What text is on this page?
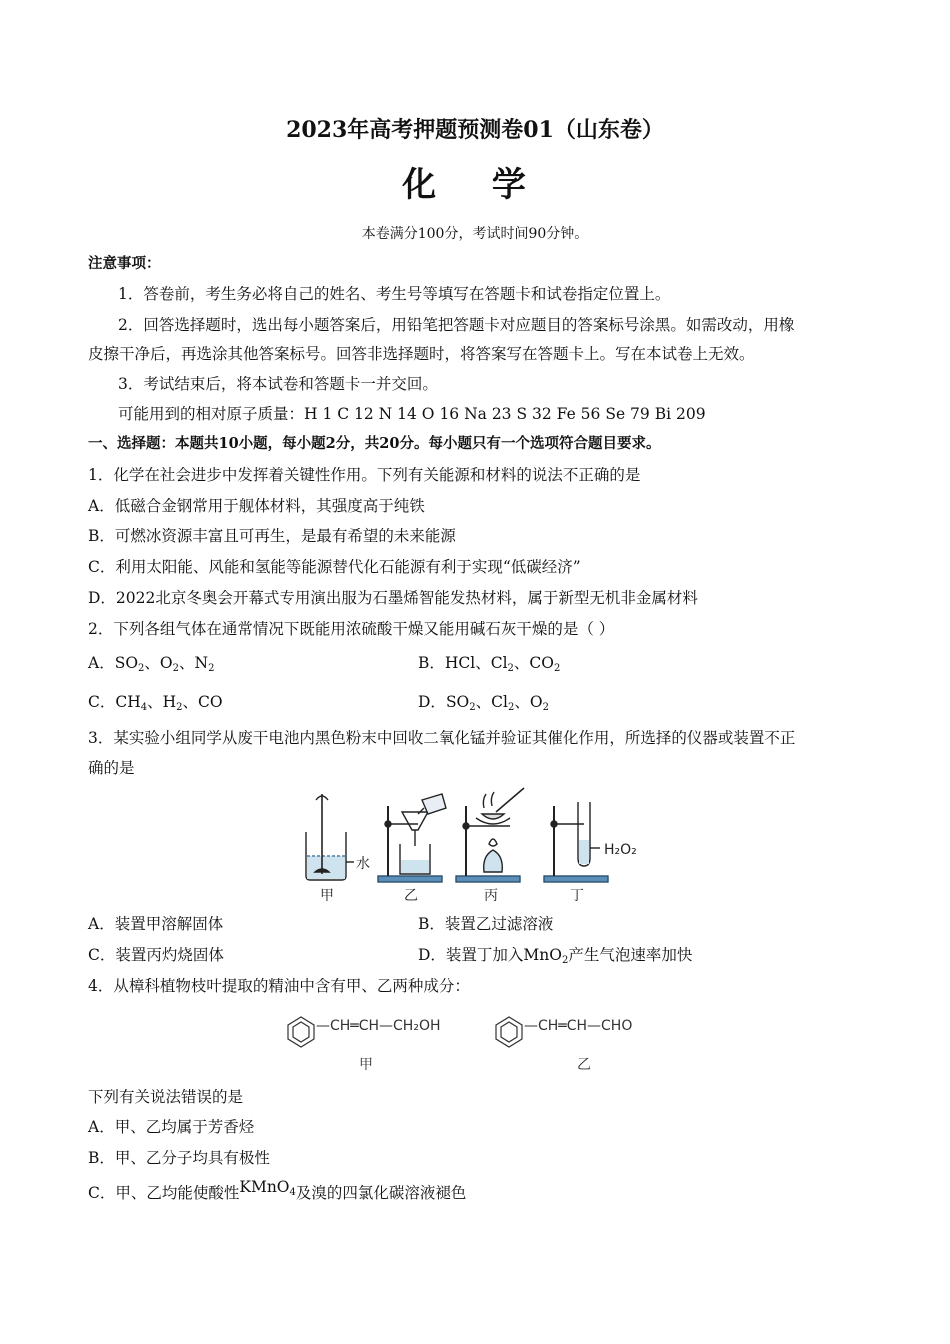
2023年高考押题预测卷01（山东卷）
化 学
本卷满分100分，考试时间90分钟。
注意事项：
1．答卷前，考生务必将自己的姓名、考生号等填写在答题卡和试卷指定位置上。
2．回答选择题时，选出每小题答案后，用铅笔把答题卡对应题目的答案标号涂黑。如需改动，用橡
皮擦干净后，再选涂其他答案标号。回答非选择题时，将答案写在答题卡上。写在本试卷上无效。
3．考试结束后，将本试卷和答题卡一并交回。
可能用到的相对原子质量：H 1 C 12 N 14 O 16 Na 23 S 32 Fe 56 Se 79 Bi 209
一、选择题：本题共10小题，每小题2分，共20分。每小题只有一个选项符合题目要求。
1．化学在社会进步中发挥着关键性作用。下列有关能源和材料的说法不正确的是
A．低磁合金钢常用于舰体材料，其强度高于纯铁
B．可燃冰资源丰富且可再生，是最有希望的未来能源
C．利用太阳能、风能和氢能等能源替代化石能源有利于实现“低碳经济”
D．2022北京冬奥会开幕式专用演出服为石墨烯智能发热材料，属于新型无机非金属材料
2．下列各组气体在通常情况下既能用浓硫酸干燥又能用碱石灰干燥的是（ ）
A．$SO_2$、$O_2$、$N_2$	B．HCl、$Cl_2$、$CO_2$
C．$CH_4$、$H_2$、CO	D．$SO_2$、$Cl_2$、$O_2$
3．某实验小组同学从废干电池内黑色粉末中回收二氧化锰并验证其催化作用，所选择的仪器或装置不正
确的是
水
H₂O₂
甲	乙	丙	丁
A．装置甲溶解固体	B．装置乙过滤溶液
C．装置丙灼烧固体	D．装置丁加入MnO$_2$产生气泡速率加快
4．从樟科植物枝叶提取的精油中含有甲、乙两种成分：
—CH═CH—CH₂OH
甲
—CH═CH—CHO
乙
下列有关说法错误的是
A．甲、乙均属于芳香烃
B．甲、乙分子均具有极性
C．甲、乙均能使酸性KMnO$_4$及溴的四氯化碳溶液褪色
